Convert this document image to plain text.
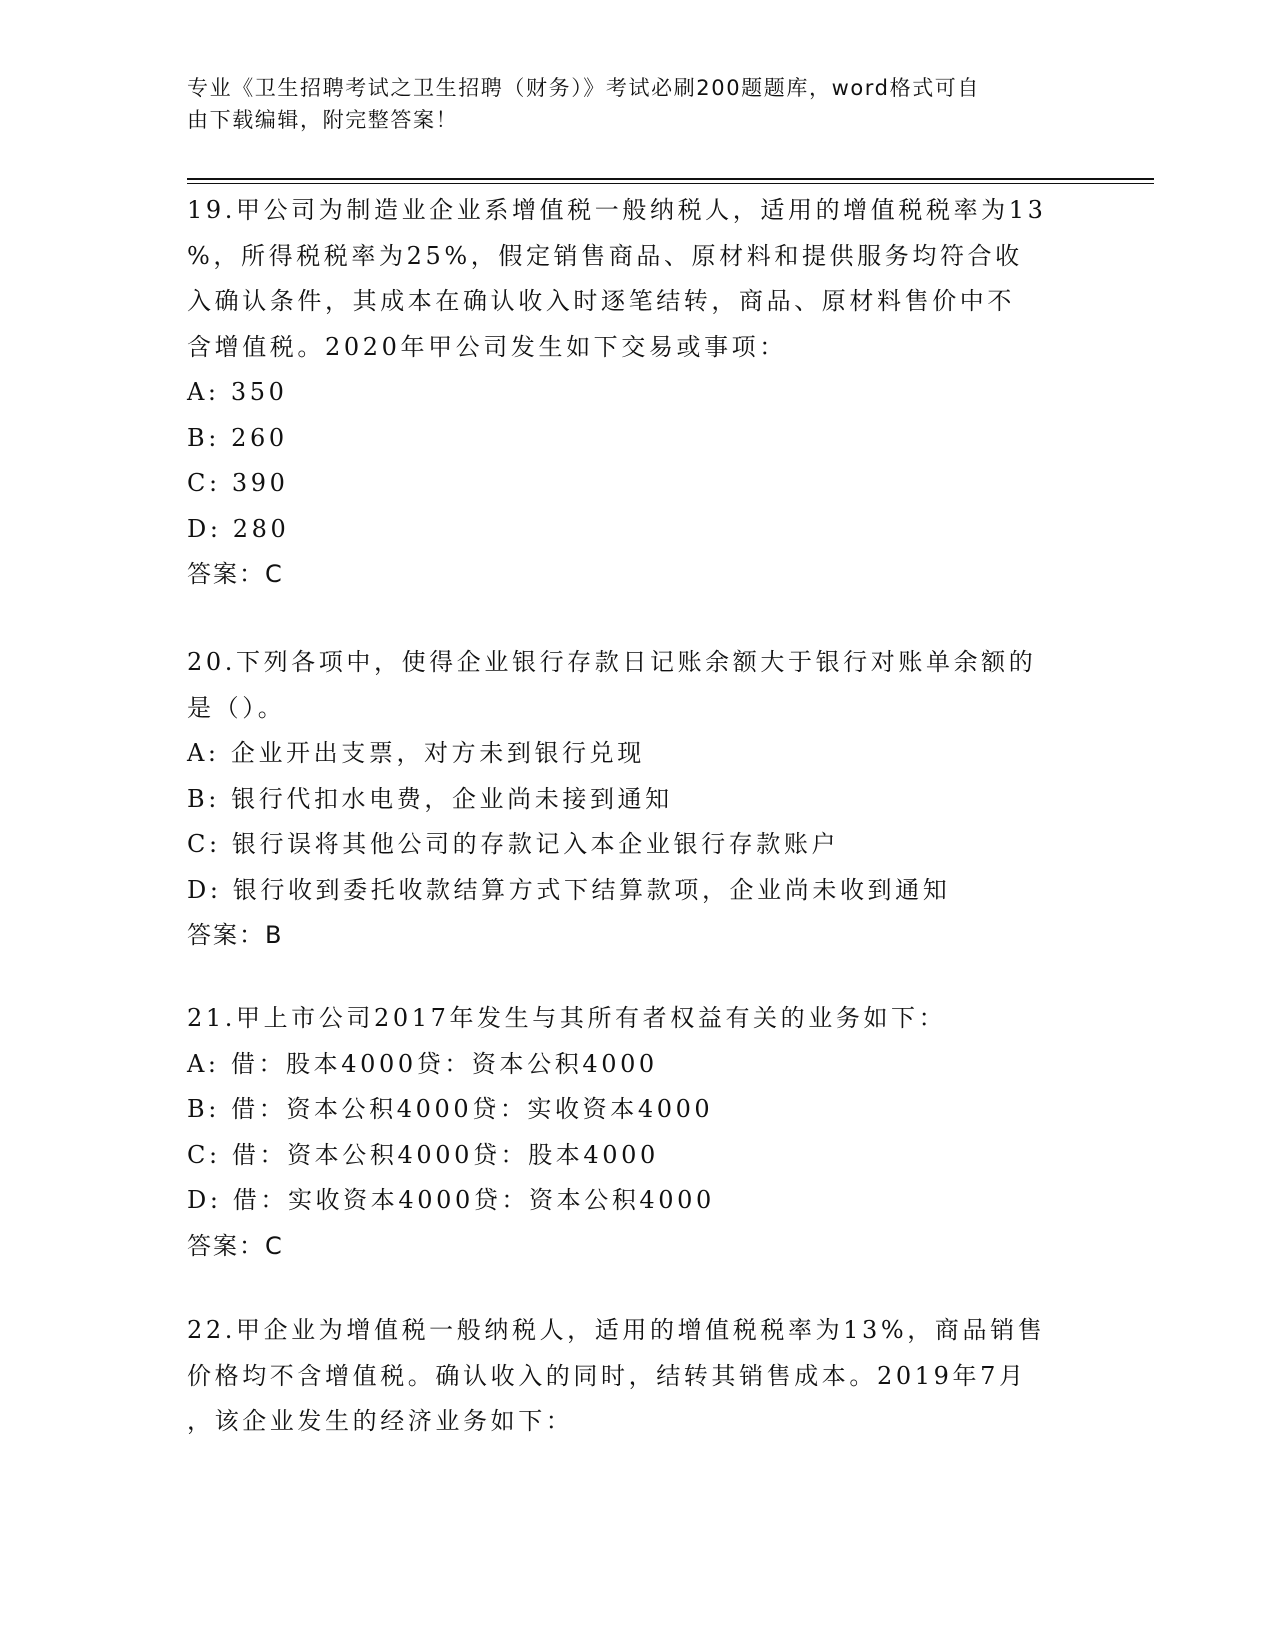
专业《卫生招聘考试之卫生招聘（财务）》考试必刷200题题库，word格式可自
由下载编辑，附完整答案！
19.甲公司为制造业企业系增值税一般纳税人，适用的增值税税率为13
%，所得税税率为25%，假定销售商品、原材料和提供服务均符合收
入确认条件，其成本在确认收入时逐笔结转，商品、原材料售价中不
含增值税。2020年甲公司发生如下交易或事项：
A: 350
B: 260
C: 390
D: 280
答案：C
20.下列各项中，使得企业银行存款日记账余额大于银行对账单余额的
是（）。
A: 企业开出支票，对方未到银行兑现
B: 银行代扣水电费，企业尚未接到通知
C: 银行误将其他公司的存款记入本企业银行存款账户
D: 银行收到委托收款结算方式下结算款项，企业尚未收到通知
答案：B
21.甲上市公司2017年发生与其所有者权益有关的业务如下：
A: 借：股本4000贷：资本公积4000
B: 借：资本公积4000贷：实收资本4000
C: 借：资本公积4000贷：股本4000
D: 借：实收资本4000贷：资本公积4000
答案：C
22.甲企业为增值税一般纳税人，适用的增值税税率为13%，商品销售
价格均不含增值税。确认收入的同时，结转其销售成本。2019年7月
，该企业发生的经济业务如下：
